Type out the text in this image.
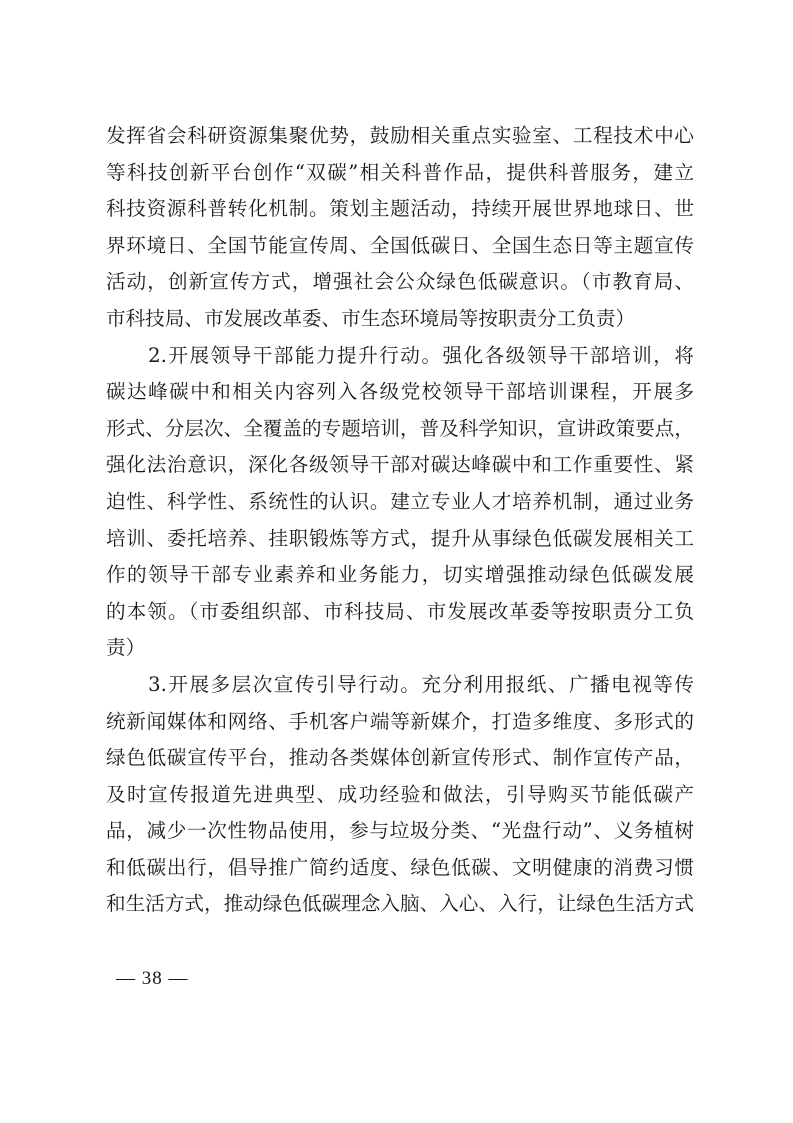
发挥省会科研资源集聚优势，鼓励相关重点实验室、工程技术中心
等科技创新平台创作“双碳”相关科普作品，提供科普服务，建立
科技资源科普转化机制。策划主题活动，持续开展世界地球日、世
界环境日、全国节能宣传周、全国低碳日、全国生态日等主题宣传
活动，创新宣传方式，增强社会公众绿色低碳意识。（市教育局、
市科技局、市发展改革委、市生态环境局等按职责分工负责）
　　2.开展领导干部能力提升行动。强化各级领导干部培训，将
碳达峰碳中和相关内容列入各级党校领导干部培训课程，开展多
形式、分层次、全覆盖的专题培训，普及科学知识，宣讲政策要点，
强化法治意识，深化各级领导干部对碳达峰碳中和工作重要性、紧
迫性、科学性、系统性的认识。建立专业人才培养机制，通过业务
培训、委托培养、挂职锻炼等方式，提升从事绿色低碳发展相关工
作的领导干部专业素养和业务能力，切实增强推动绿色低碳发展
的本领。（市委组织部、市科技局、市发展改革委等按职责分工负
责）
　　3.开展多层次宣传引导行动。充分利用报纸、广播电视等传
统新闻媒体和网络、手机客户端等新媒介，打造多维度、多形式的
绿色低碳宣传平台，推动各类媒体创新宣传形式、制作宣传产品，
及时宣传报道先进典型、成功经验和做法，引导购买节能低碳产
品，减少一次性物品使用，参与垃圾分类、“光盘行动”、义务植树
和低碳出行，倡导推广简约适度、绿色低碳、文明健康的消费习惯
和生活方式，推动绿色低碳理念入脑、入心、入行，让绿色生活方式
— 38 —
